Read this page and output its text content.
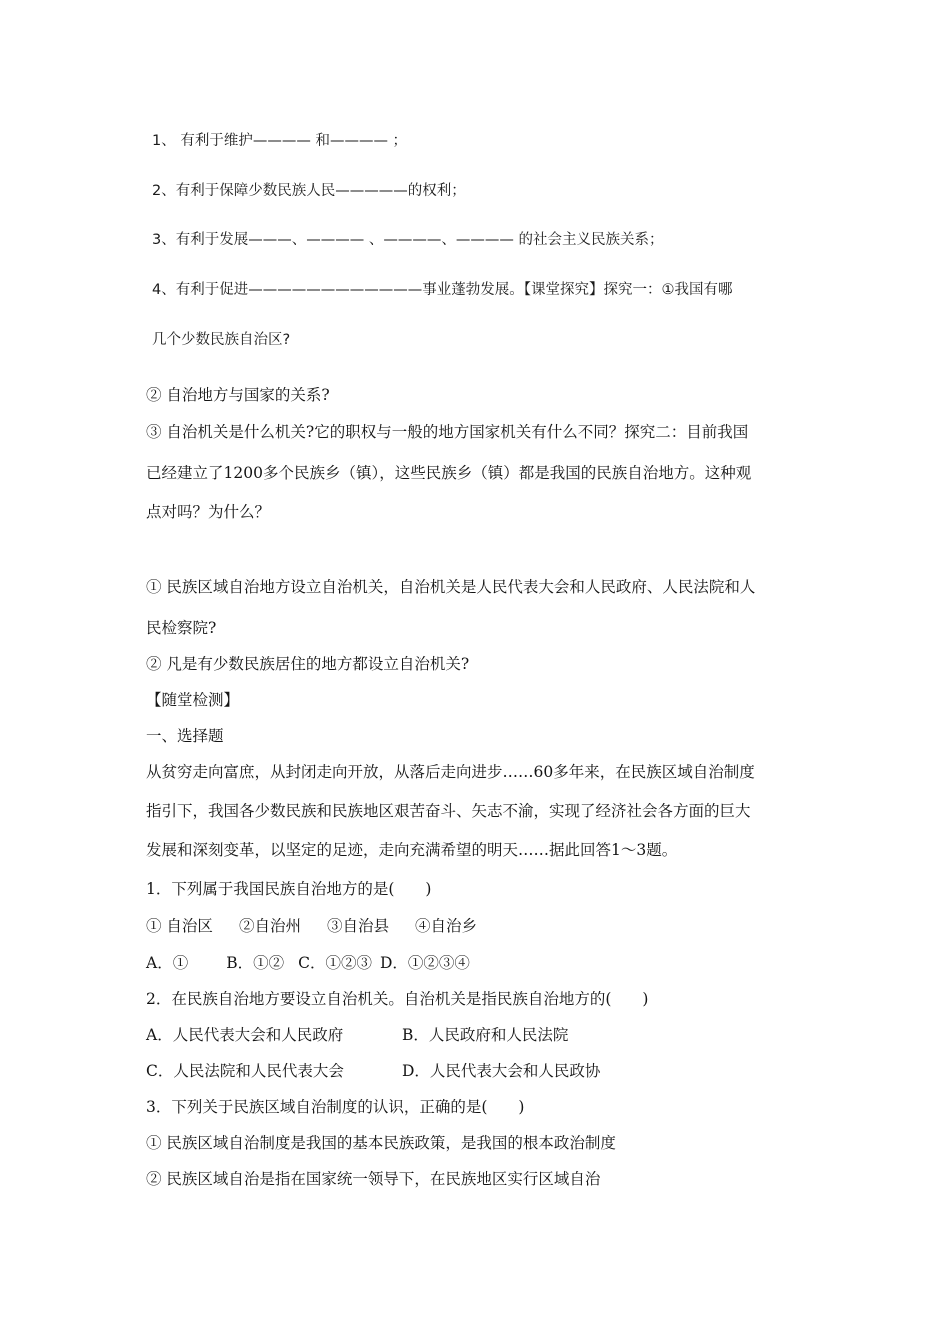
1、 有利于维护———— 和———— ；
2、有利于保障少数民族人民—————的权利；
3、有利于发展———、———— 、————、———— 的社会主义民族关系；
4、有利于促进————————————事业蓬勃发展。【课堂探究】探究一：①我国有哪
几个少数民族自治区?
② 自治地方与国家的关系?
③ 自治机关是什么机关?它的职权与一般的地方国家机关有什么不同？探究二：目前我国
已经建立了1200多个民族乡（镇），这些民族乡（镇）都是我国的民族自治地方。这种观
点对吗？为什么？
① 民族区域自治地方设立自治机关，自治机关是人民代表大会和人民政府、人民法院和人
民检察院?
② 凡是有少数民族居住的地方都设立自治机关?
【随堂检测】
一、选择题
从贫穷走向富庶，从封闭走向开放，从落后走向进步……60多年来，在民族区域自治制度
指引下，我国各少数民族和民族地区艰苦奋斗、矢志不渝，实现了经济社会各方面的巨大
发展和深刻变革，以坚定的足迹，走向充满希望的明天……据此回答1～3题。
1．下列属于我国民族自治地方的是(　　)
① 自治区 ②自治州 ③自治县 ④自治乡
A．① B．①② C．①②③ D．①②③④
2．在民族自治地方要设立自治机关。自治机关是指民族自治地方的(　　)
A．人民代表大会和人民政府	B．人民政府和人民法院
C．人民法院和人民代表大会	D．人民代表大会和人民政协
3．下列关于民族区域自治制度的认识，正确的是(　　)
① 民族区域自治制度是我国的基本民族政策，是我国的根本政治制度
② 民族区域自治是指在国家统一领导下，在民族地区实行区域自治
